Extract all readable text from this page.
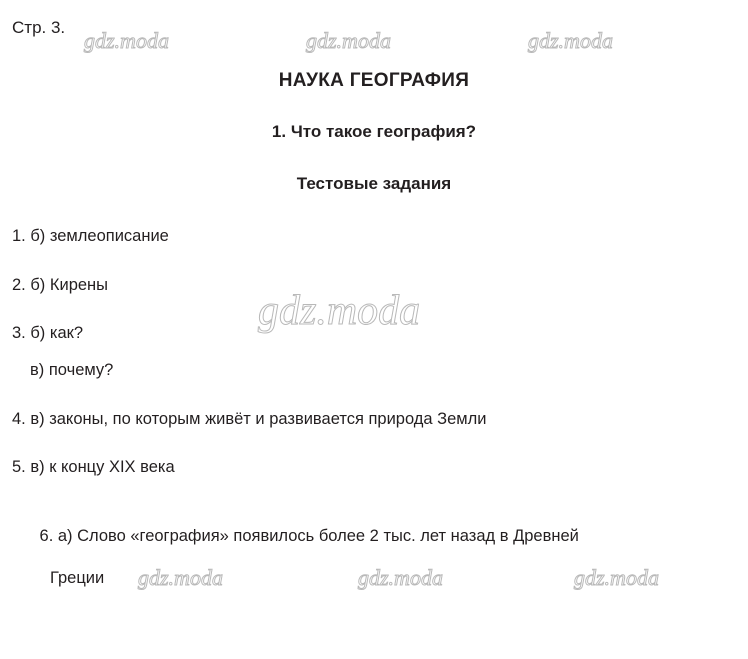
Стр. 3.
gdz.moda	gdz.moda	gdz.moda
НАУКА ГЕОГРАФИЯ
1. Что такое география?
Тестовые задания
1. б) землеописание
2. б) Кирены
3. б) как?
в) почему?
4. в) законы, по которым живёт и развивается природа Земли
5. в) к концу XIX века

6. а) Слово «география» появилось более 2 тыс. лет назад в Древней

Греции

gdz.moda
gdz.moda	gdz.moda	gdz.moda
